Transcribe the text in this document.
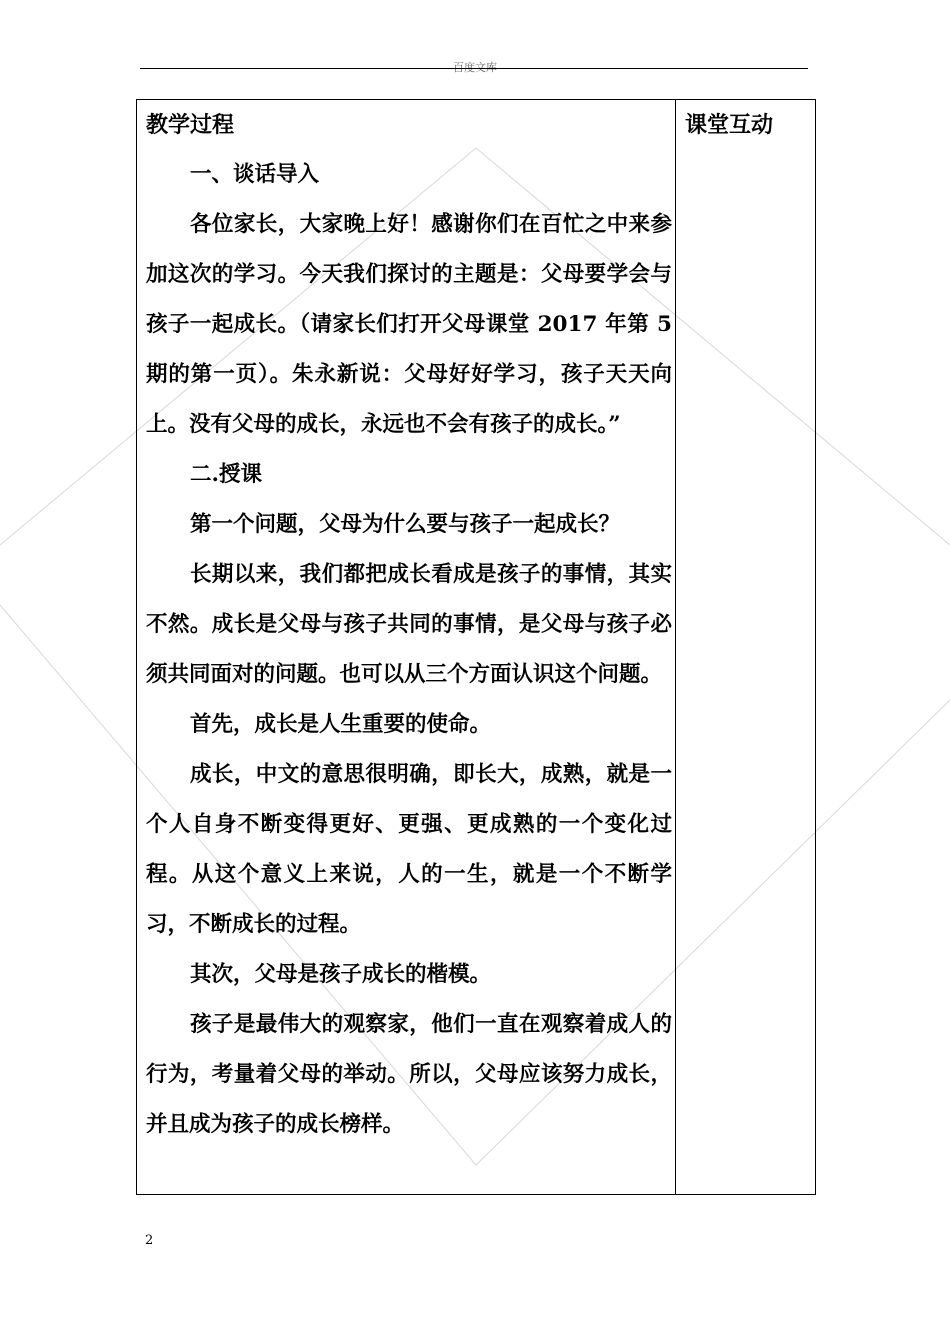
百度文库
教学过程

一、谈话导入

各位家长，大家晚上好！感谢你们在百忙之中来参加这次的学习。今天我们探讨的主题是：父母要学会与孩子一起成长。（请家长们打开父母课堂 2017 年第 5 期的第一页）。朱永新说：父母好好学习，孩子天天向上。没有父母的成长，永远也不会有孩子的成长。”

二.授课

第一个问题，父母为什么要与孩子一起成长？

长期以来，我们都把成长看成是孩子的事情，其实不然。成长是父母与孩子共同的事情，是父母与孩子必须共同面对的问题。也可以从三个方面认识这个问题。

首先，成长是人生重要的使命。

成长，中文的意思很明确，即长大，成熟，就是一个人自身不断变得更好、更强、更成熟的一个变化过程。从这个意义上来说，人的一生，就是一个不断学习，不断成长的过程。

其次，父母是孩子成长的楷模。

孩子是最伟大的观察家，他们一直在观察着成人的行为，考量着父母的举动。所以，父母应该努力成长，并且成为孩子的成长榜样。

课堂互动
2
